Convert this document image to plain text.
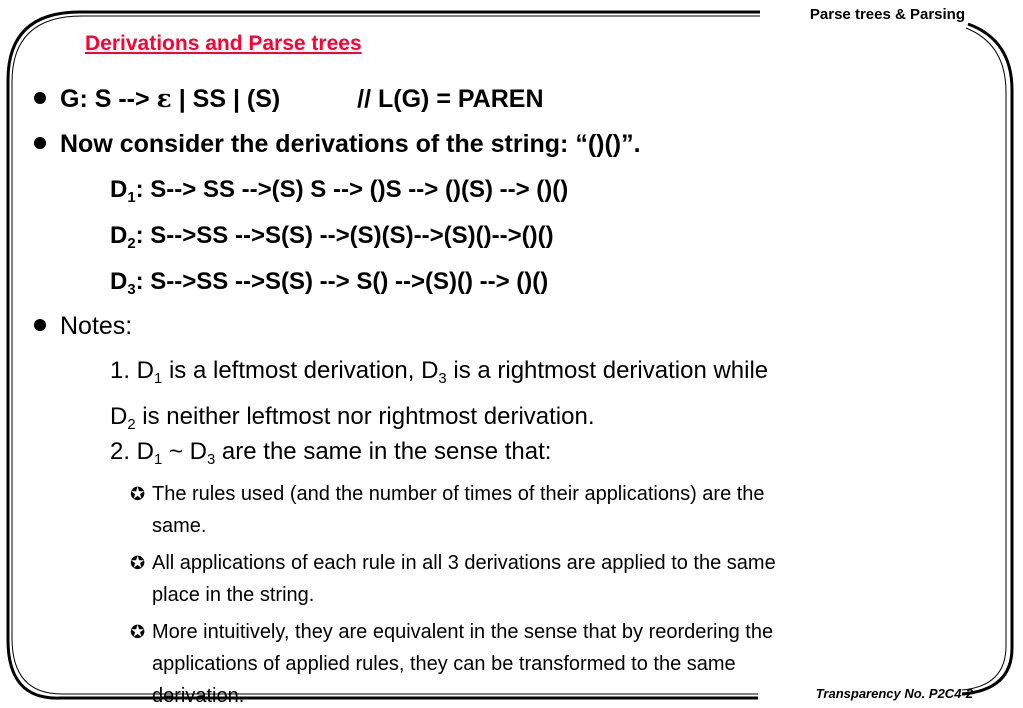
Parse trees & Parsing
Transparency No. P2C4-2
Derivations and Parse trees
G: S --> ε | SS | (S)	// L(G) = PAREN
Now consider the derivations of the string: “()()”.
$D_1$: S--> SS -->(S) S --> ()S --> ()(S) --> ()()
$D_2$: S-->SS -->S(S) -->(S)(S)-->(S)()-->()()
$D_3$: S-->SS -->S(S) --> S() -->(S)() --> ()()
Notes:
1. $D_1$ is a leftmost derivation, $D_3$ is a rightmost derivation while
$D_2$ is neither leftmost nor rightmost derivation.
2. $D_1$ ~ $D_3$ are the same in the sense that:
✪ The rules used (and the number of times of their applications) are the
same.
✪ All applications of each rule in all 3 derivations are applied to the same
place in the string.
✪ More intuitively, they are equivalent in the sense that by reordering the
applications of applied rules, they can be transformed to the same
derivation.
